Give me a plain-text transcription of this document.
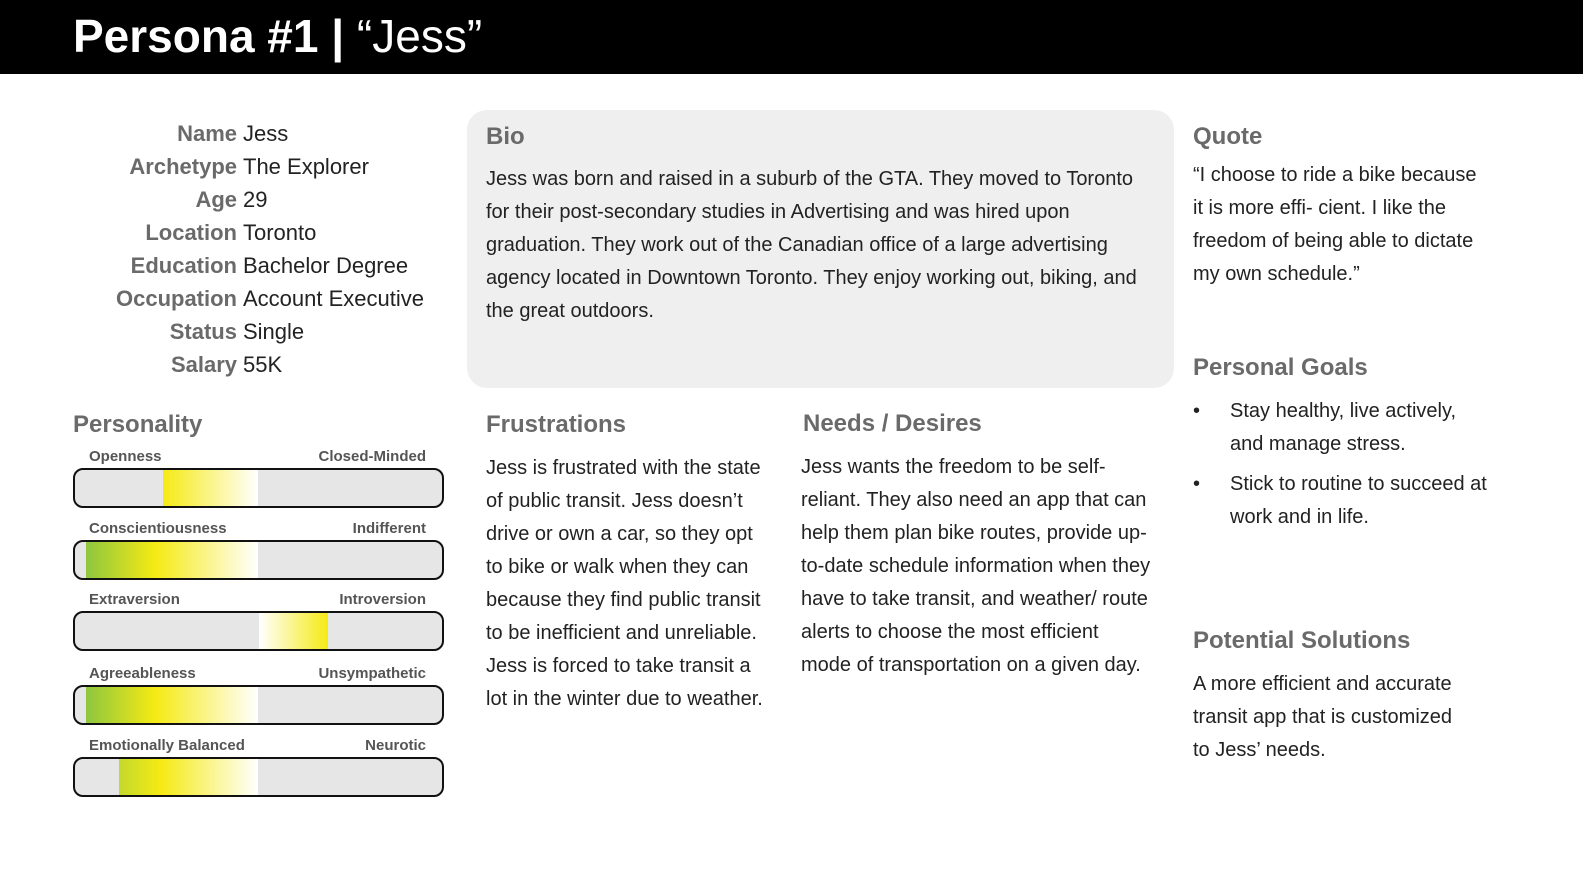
Persona #1 | “Jess”
Name Jess
Archetype The Explorer
Age 29
Location Toronto
Education Bachelor Degree
Occupation Account Executive
Status Single
Salary 55K
Personality
Openness	Closed-Minded
Conscientiousness	Indifferent
Extraversion	Introversion
Agreeableness	Unsympathetic
Emotionally Balanced	Neurotic
Bio

Jess was born and raised in a suburb of the GTA. They moved to Toronto for their post-secondary studies in Advertising and was hired upon graduation. They work out of the Canadian office of a large advertising agency located in Downtown Toronto. They enjoy working out, biking, and the great outdoors.

Frustrations

Jess is frustrated with the state of public transit. Jess doesn’t drive or own a car, so they opt to bike or walk when they can because they find public transit to be inefficient and unreliable. Jess is forced to take transit a lot in the winter due to weather.

Needs / Desires

Jess wants the freedom to be self-reliant. They also need an app that can help them plan bike routes, provide up-to-date schedule information when they have to take transit, and weather/ route alerts to choose the most efficient mode of transportation on a given day.

Quote

“I choose to ride a bike because it is more effi- cient. I like the freedom of being able to dictate my own schedule.”

Personal Goals
• Stay healthy, live actively, and manage stress.
• Stick to routine to succeed at work and in life.
Potential Solutions

A more efficient and accurate transit app that is customized to Jess’ needs.
